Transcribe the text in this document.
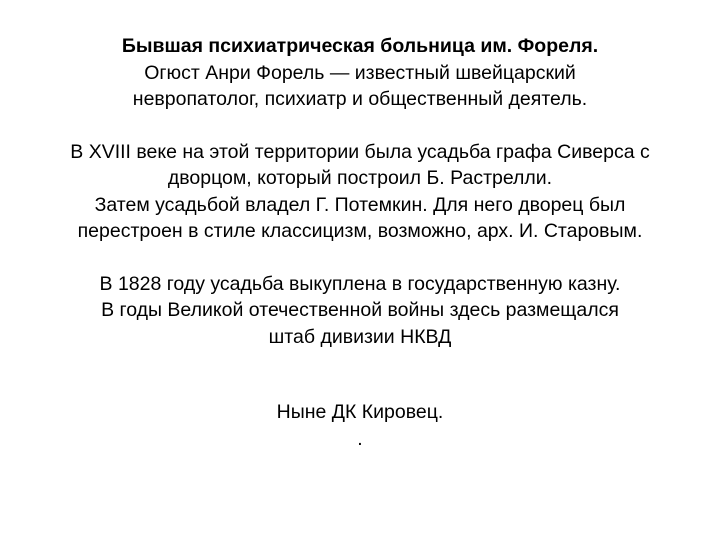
Бывшая психиатрическая больница им. Фореля.
Огюст Анри Форель — известный швейцарский
невропатолог, психиатр и общественный деятель.
В XVIII веке на этой территории была усадьба графа Сиверса с
дворцом, который построил Б. Растрелли.
Затем усадьбой владел Г. Потемкин. Для него дворец был
перестроен в стиле классицизм, возможно, арх. И. Старовым.
В 1828 году усадьба выкуплена в государственную казну.
В годы Великой отечественной войны здесь размещался
штаб дивизии НКВД
Ныне ДК Кировец.
.
